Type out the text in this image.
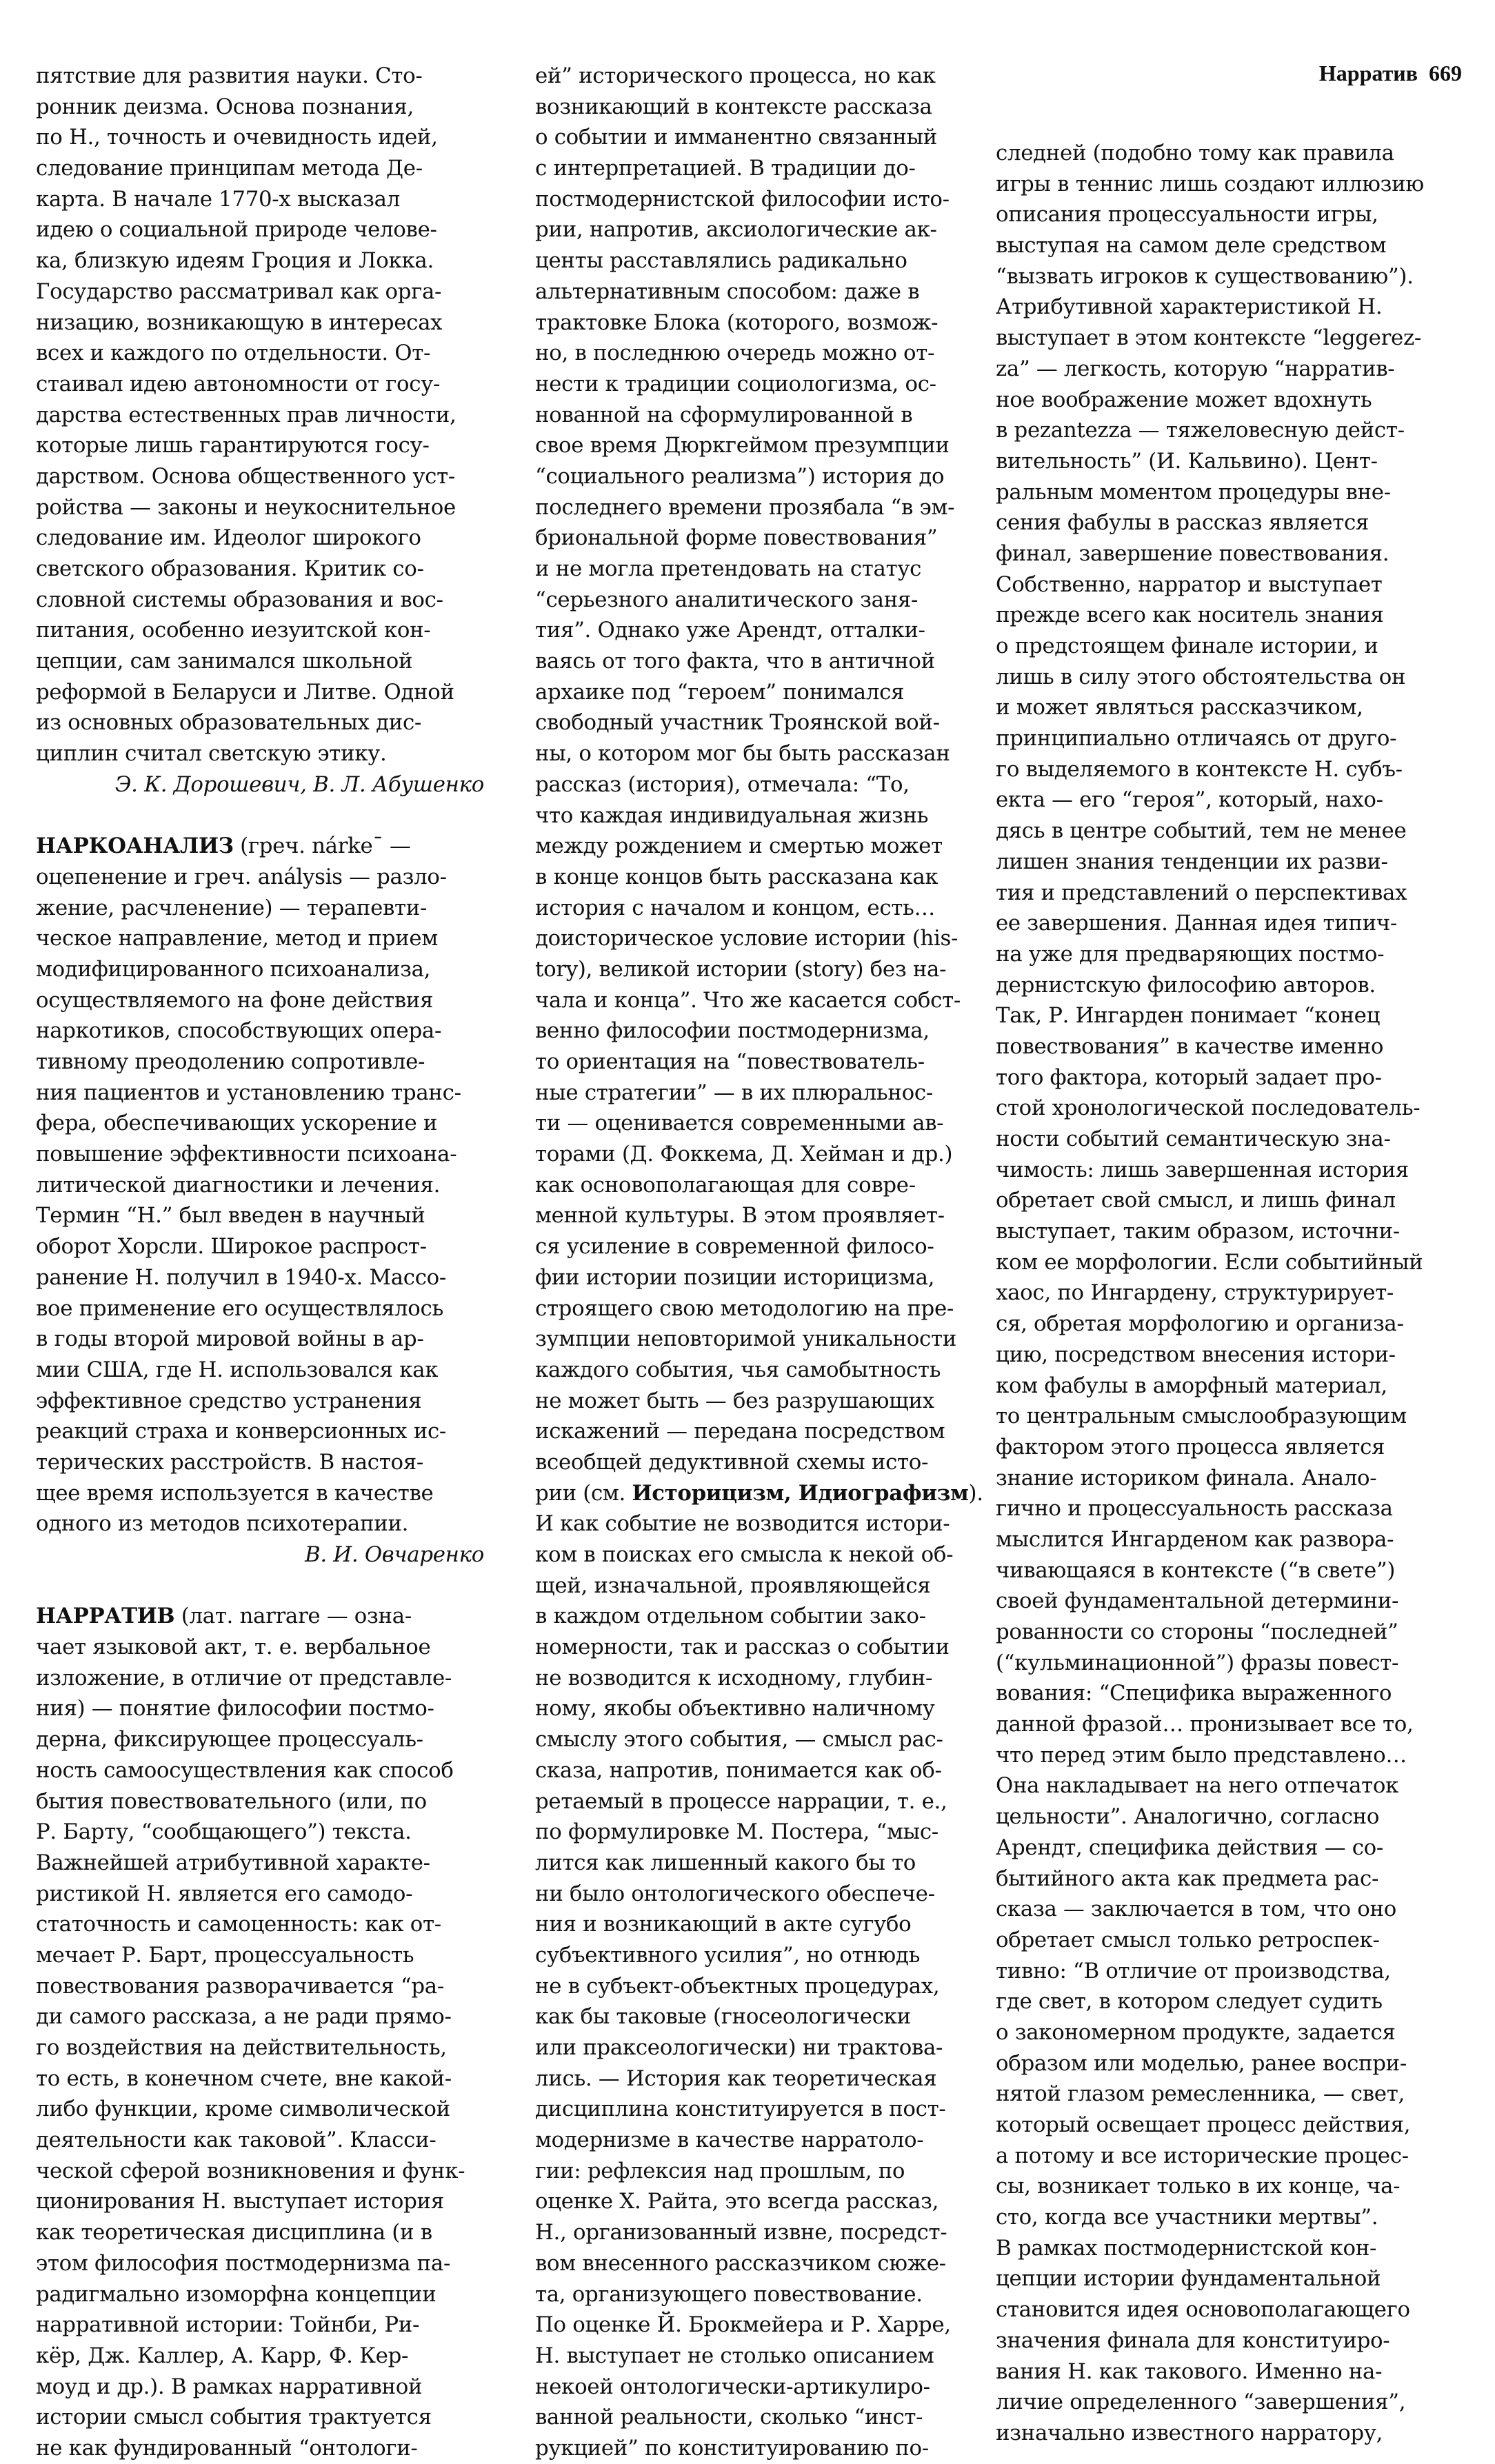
Нарратив 669
пятствие для развития науки. Сто-
ронник деизма. Основа познания,
по Н., точность и очевидность идей,
следование принципам метода Де-
карта. В начале 1770-х высказал
идею о социальной природе челове-
ка, близкую идеям Гроция и Локка.
Государство рассматривал как орга-
низацию, возникающую в интересах
всех и каждого по отдельности. От-
стаивал идею автономности от госу-
дарства естественных прав личности,
которые лишь гарантируются госу-
дарством. Основа общественного уст-
ройства — законы и неукоснительное
следование им. Идеолог широкого
светского образования. Критик со-
словной системы образования и вос-
питания, особенно иезуитской кон-
цепции, сам занимался школьной
реформой в Беларуси и Литве. Одной
из основных образовательных дис-
циплин считал светскую этику.
Э. К. Дорошевич, В. Л. Абушенко
НАРКОАНАЛИЗ (греч. nárke¯ —
оцепенение и греч. análysis — разло-
жение, расчленение) — терапевти-
ческое направление, метод и прием
модифицированного психоанализа,
осуществляемого на фоне действия
наркотиков, способствующих опера-
тивному преодолению сопротивле-
ния пациентов и установлению транс-
фера, обеспечивающих ускорение и
повышение эффективности психоана-
литической диагностики и лечения.
Термин “Н.” был введен в научный
оборот Хорсли. Широкое распрост-
ранение Н. получил в 1940-х. Массо-
вое применение его осуществлялось
в годы второй мировой войны в ар-
мии США, где Н. использовался как
эффективное средство устранения
реакций страха и конверсионных ис-
терических расстройств. В настоя-
щее время используется в качестве
одного из методов психотерапии.
В. И. Овчаренко
НАРРАТИВ (лат. narrare — озна-
чает языковой акт, т. е. вербальное
изложение, в отличие от представле-
ния) — понятие философии постмо-
дерна, фиксирующее процессуаль-
ность самоосуществления как способ
бытия повествовательного (или, по
Р. Барту, “сообщающего”) текста.
Важнейшей атрибутивной характе-
ристикой Н. является его самодо-
статочность и самоценность: как от-
мечает Р. Барт, процессуальность
повествования разворачивается “ра-
ди самого рассказа, а не ради прямо-
го воздействия на действительность,
то есть, в конечном счете, вне какой-
либо функции, кроме символической
деятельности как таковой”. Класси-
ческой сферой возникновения и функ-
ционирования Н. выступает история
как теоретическая дисциплина (и в
этом философия постмодернизма па-
радигмально изоморфна концепции
нарративной истории: Тойнби, Ри-
кёр, Дж. Каллер, А. Карр, Ф. Кер-
моуд и др.). В рамках нарративной
истории смысл события трактуется
не как фундированный “онтологи-
ей” исторического процесса, но как
возникающий в контексте рассказа
о событии и имманентно связанный
с интерпретацией. В традиции до-
постмодернистской философии исто-
рии, напротив, аксиологические ак-
центы расставлялись радикально
альтернативным способом: даже в
трактовке Блока (которого, возмож-
но, в последнюю очередь можно от-
нести к традиции социологизма, ос-
нованной на сформулированной в
свое время Дюркгеймом презумпции
“социального реализма”) история до
последнего времени прозябала “в эм-
бриональной форме повествования”
и не могла претендовать на статус
“серьезного аналитического заня-
тия”. Однако уже Арендт, отталки-
ваясь от того факта, что в античной
архаике под “героем” понимался
свободный участник Троянской вой-
ны, о котором мог бы быть рассказан
рассказ (история), отмечала: “То,
что каждая индивидуальная жизнь
между рождением и смертью может
в конце концов быть рассказана как
история с началом и концом, есть…
доисторическое условие истории (his-
tory), великой истории (story) без на-
чала и конца”. Что же касается собст-
венно философии постмодернизма,
то ориентация на “повествователь-
ные стратегии” — в их плюральнос-
ти — оценивается современными ав-
торами (Д. Фоккема, Д. Хейман и др.)
как основополагающая для совре-
менной культуры. В этом проявляет-
ся усиление в современной филосо-
фии истории позиции историцизма,
строящего свою методологию на пре-
зумпции неповторимой уникальности
каждого события, чья самобытность
не может быть — без разрушающих
искажений — передана посредством
всеобщей дедуктивной схемы исто-
рии (см. Историцизм, Идиографизм).
И как событие не возводится истори-
ком в поисках его смысла к некой об-
щей, изначальной, проявляющейся
в каждом отдельном событии зако-
номерности, так и рассказ о событии
не возводится к исходному, глубин-
ному, якобы объективно наличному
смыслу этого события, — смысл рас-
сказа, напротив, понимается как об-
ретаемый в процессе наррации, т. е.,
по формулировке М. Постера, “мыс-
лится как лишенный какого бы то
ни было онтологического обеспече-
ния и возникающий в акте сугубо
субъективного усилия”, но отнюдь
не в субъект-объектных процедурах,
как бы таковые (гносеологически
или праксеологически) ни трактова-
лись. — История как теоретическая
дисциплина конституируется в пост-
модернизме в качестве нарратоло-
гии: рефлексия над прошлым, по
оценке Х. Райта, это всегда рассказ,
Н., организованный извне, посредст-
вом внесенного рассказчиком сюже-
та, организующего повествование.
По оценке Й. Брокмейера и Р. Харре,
Н. выступает не столько описанием
некоей онтологически-артикулиро-
ванной реальности, сколько “инст-
рукцией” по конституированию по-
следней (подобно тому как правила
игры в теннис лишь создают иллюзию
описания процессуальности игры,
выступая на самом деле средством
“вызвать игроков к существованию”).
Атрибутивной характеристикой Н.
выступает в этом контексте “leggerez-
za” — легкость, которую “нарратив-
ное воображение может вдохнуть
в pezantezza — тяжеловесную дейст-
вительность” (И. Кальвино). Цент-
ральным моментом процедуры вне-
сения фабулы в рассказ является
финал, завершение повествования.
Собственно, нарратор и выступает
прежде всего как носитель знания
о предстоящем финале истории, и
лишь в силу этого обстоятельства он
и может являться рассказчиком,
принципиально отличаясь от друго-
го выделяемого в контексте Н. субъ-
екта — его “героя”, который, нахо-
дясь в центре событий, тем не менее
лишен знания тенденции их разви-
тия и представлений о перспективах
ее завершения. Данная идея типич-
на уже для предваряющих постмо-
дернистскую философию авторов.
Так, Р. Ингарден понимает “конец
повествования” в качестве именно
того фактора, который задает про-
стой хронологической последователь-
ности событий семантическую зна-
чимость: лишь завершенная история
обретает свой смысл, и лишь финал
выступает, таким образом, источни-
ком ее морфологии. Если событийный
хаос, по Ингардену, структурирует-
ся, обретая морфологию и организа-
цию, посредством внесения истори-
ком фабулы в аморфный материал,
то центральным смыслообразующим
фактором этого процесса является
знание историком финала. Анало-
гично и процессуальность рассказа
мыслится Ингарденом как развора-
чивающаяся в контексте (“в свете”)
своей фундаментальной детермини-
рованности со стороны “последней”
(“кульминационной”) фразы повест-
вования: “Специфика выраженного
данной фразой… пронизывает все то,
что перед этим было представлено…
Она накладывает на него отпечаток
цельности”. Аналогично, согласно
Арендт, специфика действия — со-
бытийного акта как предмета рас-
сказа — заключается в том, что оно
обретает смысл только ретроспек-
тивно: “В отличие от производства,
где свет, в котором следует судить
о закономерном продукте, задается
образом или моделью, ранее воспри-
нятой глазом ремесленника, — свет,
который освещает процесс действия,
а потому и все исторические процес-
сы, возникает только в их конце, ча-
сто, когда все участники мертвы”.
В рамках постмодернистской кон-
цепции истории фундаментальной
становится идея основополагающего
значения финала для конституиро-
вания Н. как такового. Именно на-
личие определенного “завершения”,
изначально известного нарратору,
